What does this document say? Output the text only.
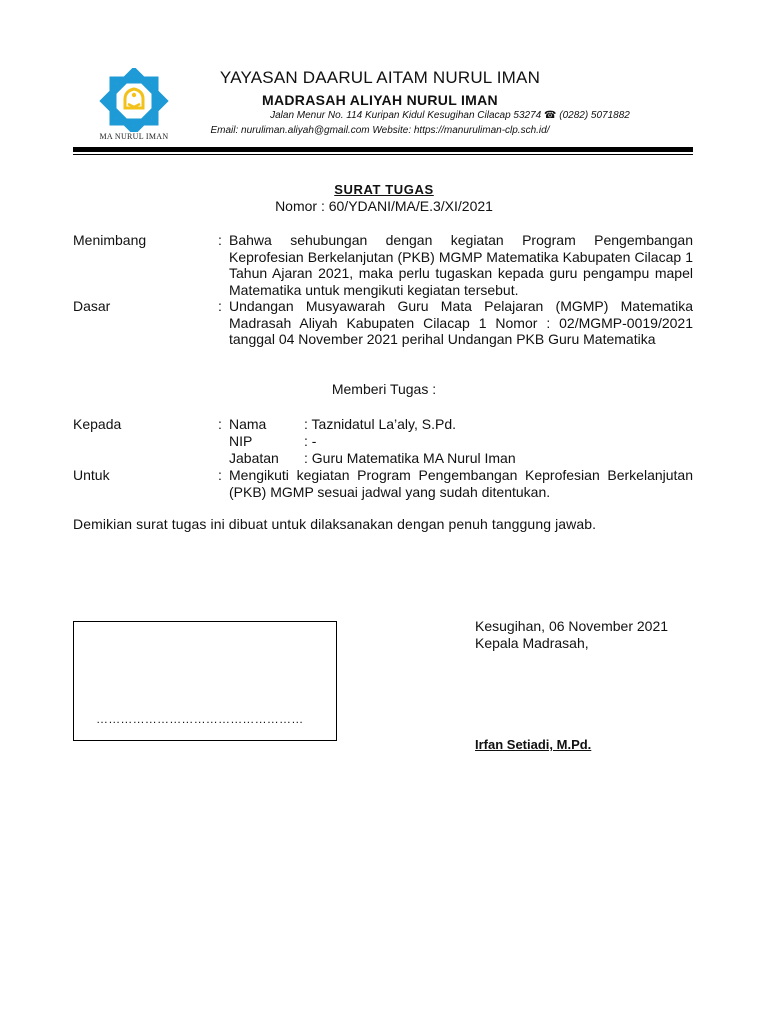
MA NURUL IMAN
YAYASAN DAARUL AITAM NURUL IMAN
MADRASAH ALIYAH NURUL IMAN
Jalan Menur No. 114 Kuripan Kidul Kesugihan Cilacap 53274 ☎ (0282) 5071882
Email: nuruliman.aliyah@gmail.com Website: https://manuruliman-clp.sch.id/
SURAT TUGAS
Nomor : 60/YDANI/MA/E.3/XI/2021
Menimbang	: Bahwa sehubungan dengan kegiatan Program Pengembangan Keprofesian Berkelanjutan (PKB) MGMP Matematika Kabupaten Cilacap 1 Tahun Ajaran 2021, maka perlu tugaskan kepada guru pengampu mapel Matematika untuk mengikuti kegiatan tersebut.
Dasar	: Undangan Musyawarah Guru Mata Pelajaran (MGMP) Matematika Madrasah Aliyah Kabupaten Cilacap 1 Nomor : 02/MGMP-0019/2021 tanggal 04 November 2021 perihal Undangan PKB Guru Matematika
Memberi Tugas :
Kepada	: Nama	: Taznidatul La’aly, S.Pd.
NIP	: -
Jabatan : Guru Matematika MA Nurul Iman
Untuk	: Mengikuti kegiatan Program Pengembangan Keprofesian Berkelanjutan (PKB) MGMP sesuai jadwal yang sudah ditentukan.
Demikian surat tugas ini dibuat untuk dilaksanakan dengan penuh tanggung jawab.
……………………………………………
Kesugihan, 06 November 2021
Kepala Madrasah,
Irfan Setiadi, M.Pd.
